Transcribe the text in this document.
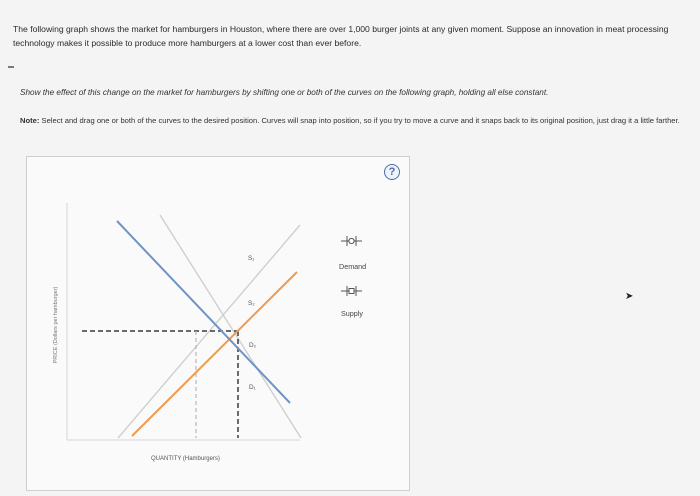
The following graph shows the market for hamburgers in Houston, where there are over 1,000 burger joints at any given moment. Suppose an innovation in meat processing technology makes it possible to produce more hamburgers at a lower cost than ever before.
Show the effect of this change on the market for hamburgers by shifting one or both of the curves on the following graph, holding all else constant.
Note: Select and drag one or both of the curves to the desired position. Curves will snap into position, so if you try to move a curve and it snaps back to its original position, just drag it a little farther.
?
PRICE (Dollars per hamburger)
QUANTITY (Hamburgers)
S₁
S₂
D₂
D₁
Demand
Supply
➤
